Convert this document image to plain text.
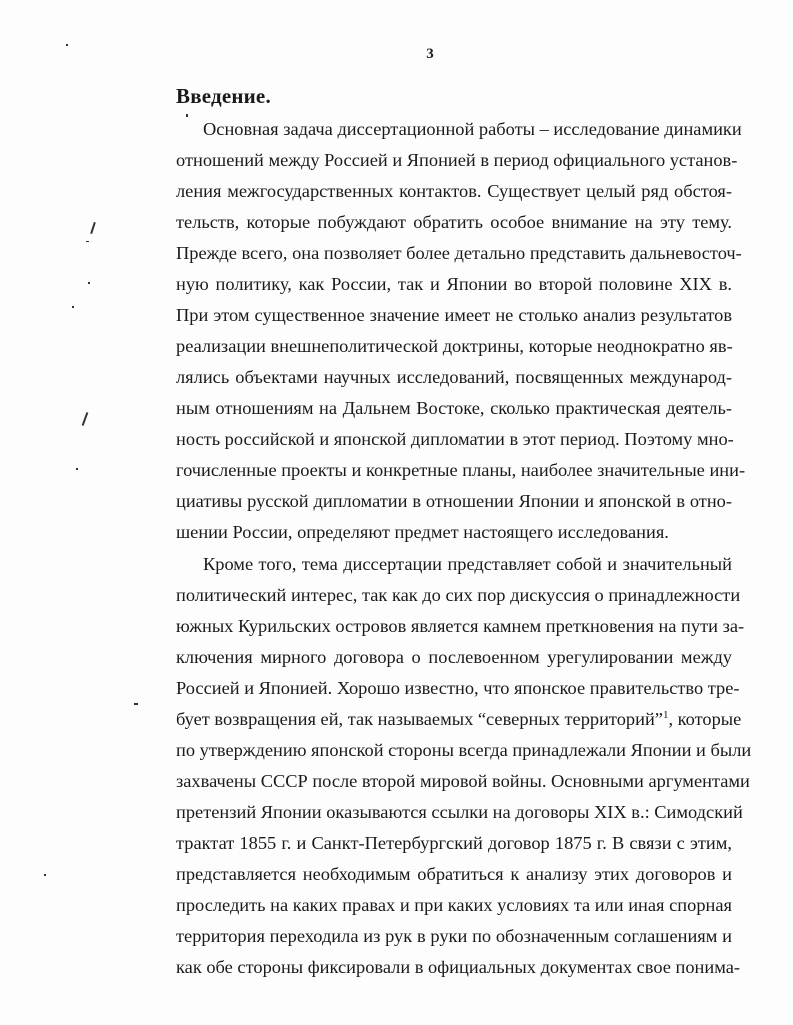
3
Введение.
Основная задача диссертационной работы – исследование динамики
отношений между Россией и Японией в период официального установ-
ления межгосударственных контактов. Существует целый ряд обстоя-
тельств, которые побуждают обратить особое внимание на эту тему.
Прежде всего, она позволяет более детально представить дальневосточ-
ную политику, как России, так и Японии во второй половине XIX в.
При этом существенное значение имеет не столько анализ результатов
реализации внешнеполитической доктрины, которые неоднократно яв-
лялись объектами научных исследований, посвященных международ-
ным отношениям на Дальнем Востоке, сколько практическая деятель-
ность российской и японской дипломатии в этот период. Поэтому мно-
гочисленные проекты и конкретные планы, наиболее значительные ини-
циативы русской дипломатии в отношении Японии и японской в отно-
шении России, определяют предмет настоящего исследования.
Кроме того, тема диссертации представляет собой и значительный
политический интерес, так как до сих пор дискуссия о принадлежности
южных Курильских островов является камнем преткновения на пути за-
ключения мирного договора о послевоенном урегулировании между
Россией и Японией. Хорошо известно, что японское правительство тре-
бует возвращения ей, так называемых “северных территорий”$^1$, которые
по утверждению японской стороны всегда принадлежали Японии и были
захвачены СССР после второй мировой войны. Основными аргументами
претензий Японии оказываются ссылки на договоры XIX в.: Симодский
трактат 1855 г. и Санкт-Петербургский договор 1875 г. В связи с этим,
представляется необходимым обратиться к анализу этих договоров и
проследить на каких правах и при каких условиях та или иная спорная
территория переходила из рук в руки по обозначенным соглашениям и
как обе стороны фиксировали в официальных документах свое понима-
